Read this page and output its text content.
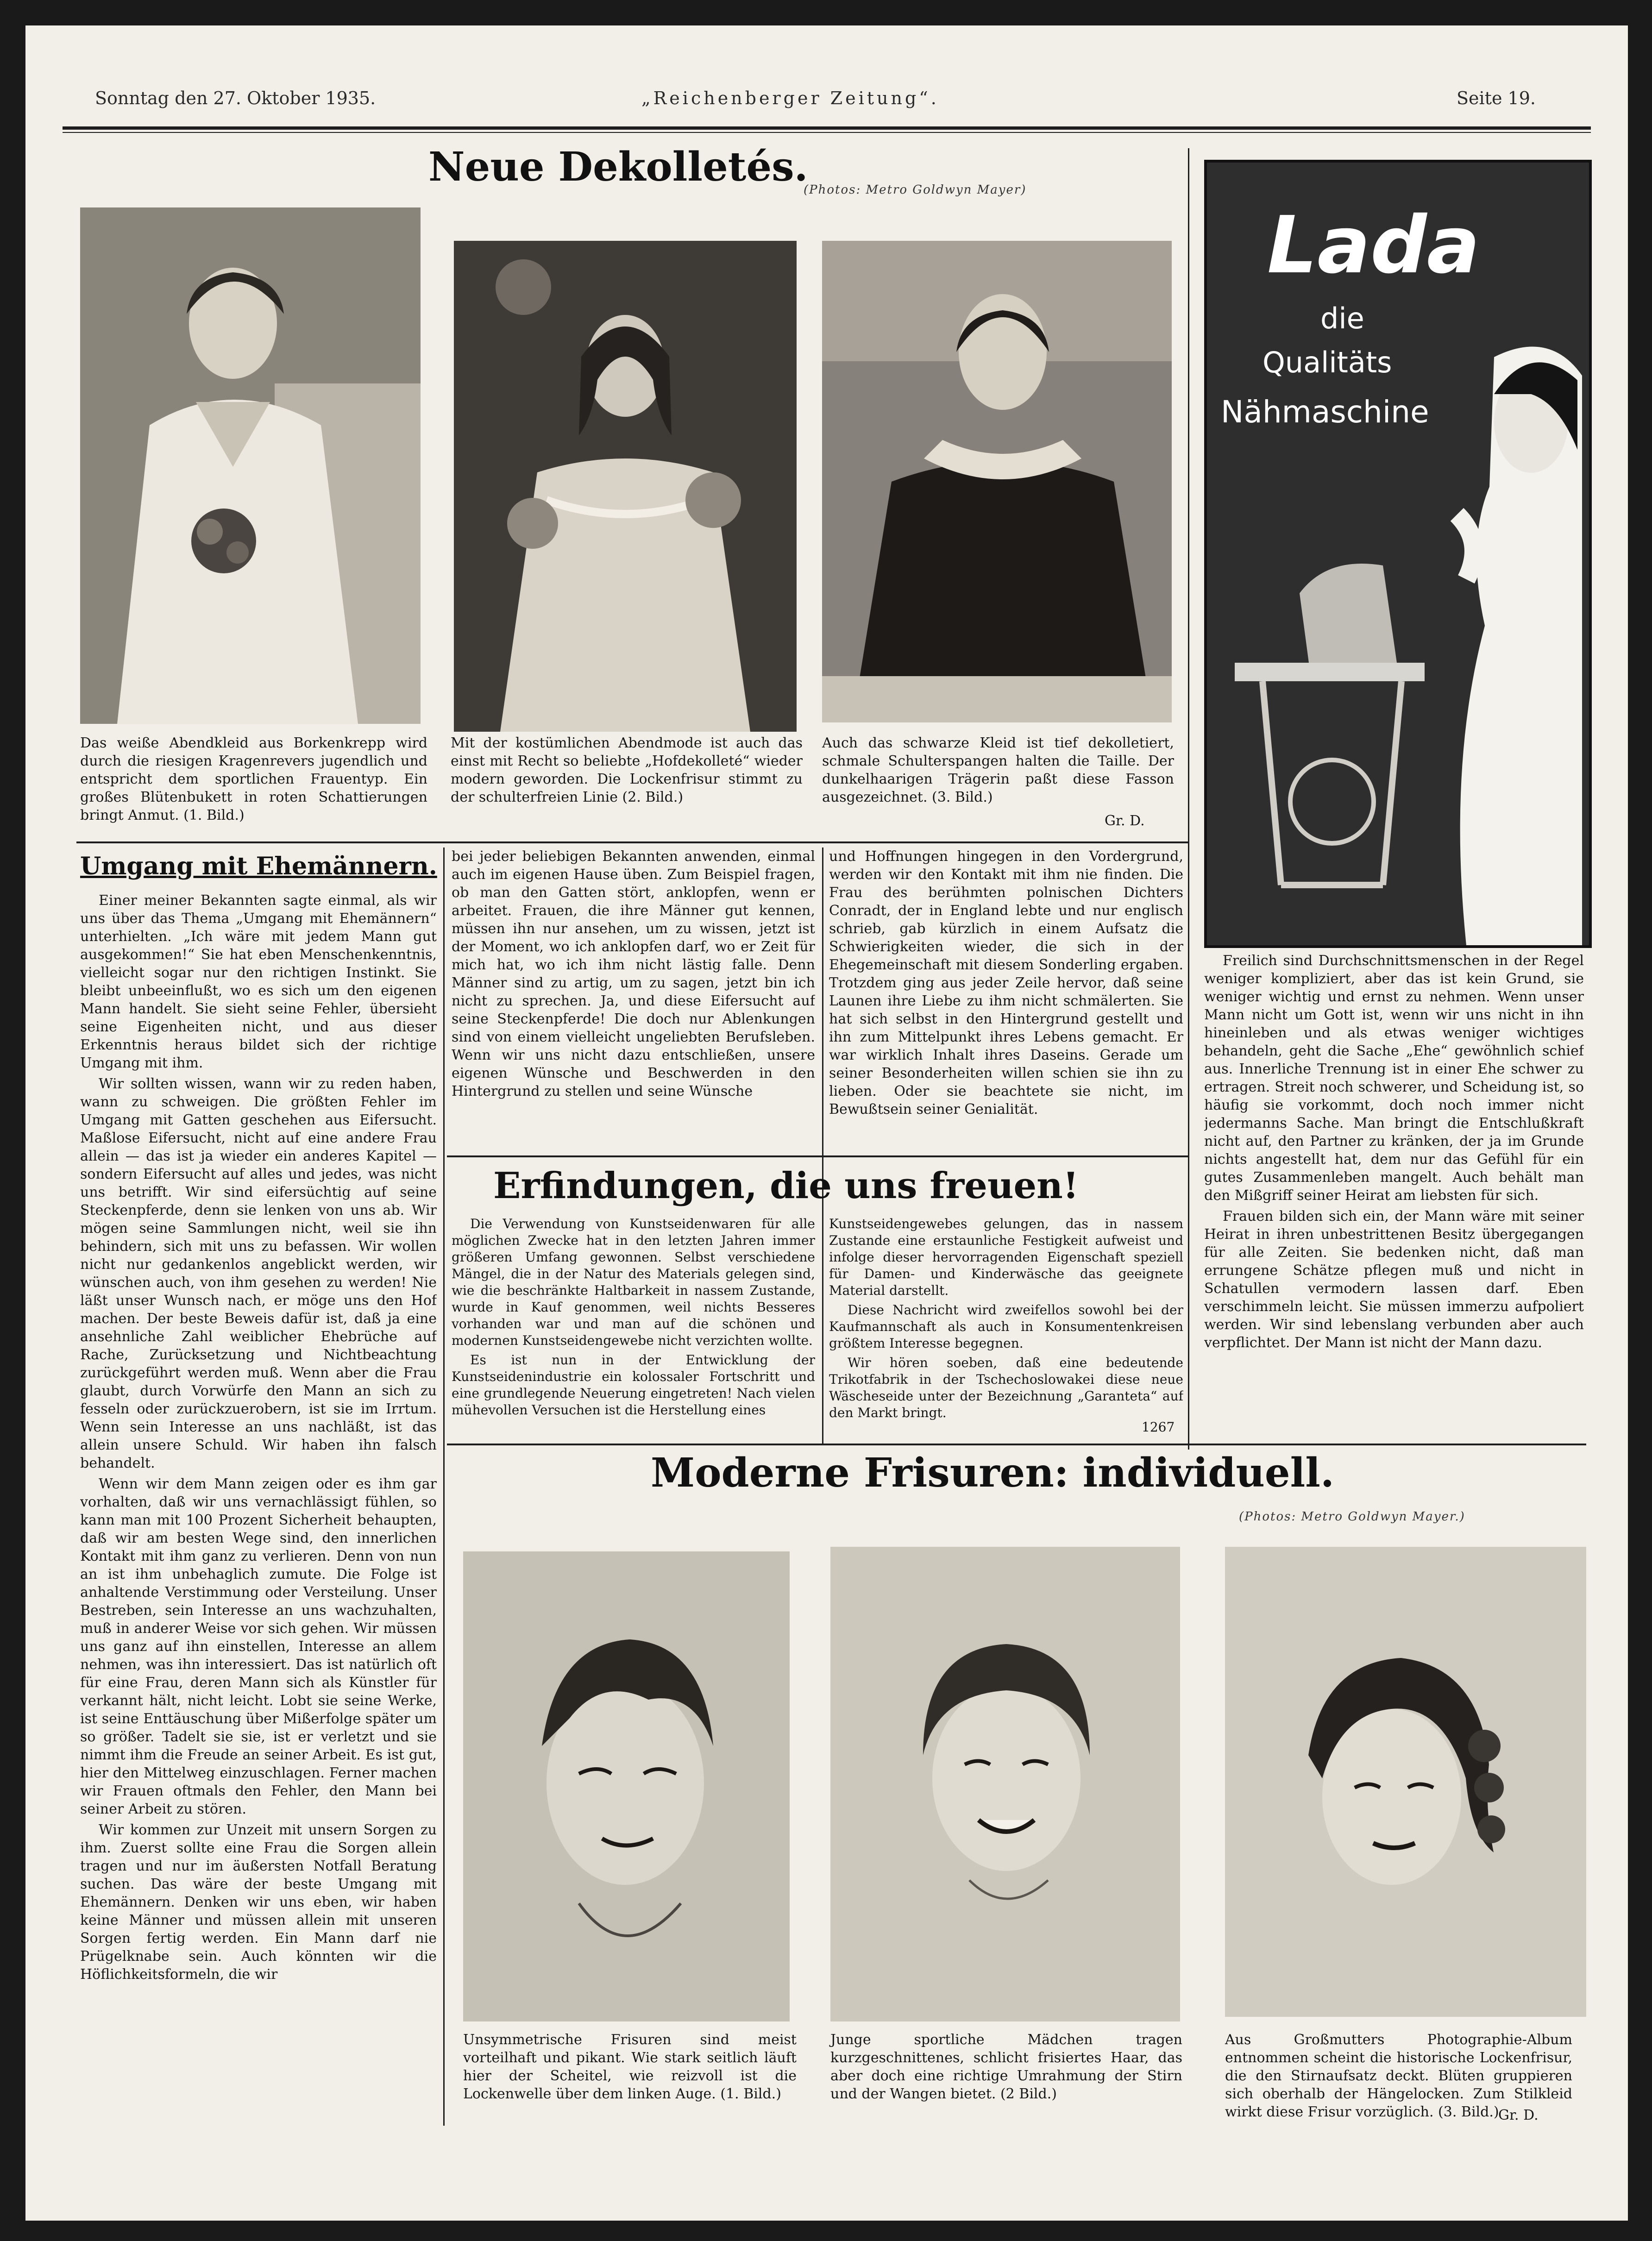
Sonntag den 27. Oktober 1935.	„Reichenberger Zeitung“.	Seite 19.
Neue Dekolletés.
(Photos: Metro Goldwyn Mayer)
Das weiße Abendkleid aus Borkenkrepp wird durch die riesigen Kragenrevers jugendlich und entspricht dem sportlichen Frauentyp. Ein großes Blütenbukett in roten Schattierungen bringt Anmut. (1. Bild.)
Mit der kostümlichen Abendmode ist auch das einst mit Recht so beliebte „Hofdekolleté“ wieder modern geworden. Die Lockenfrisur stimmt zu der schulterfreien Linie (2. Bild.)
Auch das schwarze Kleid ist tief dekolletiert, schmale Schulterspangen halten die Taille. Der dunkelhaarigen Trägerin paßt diese Fasson ausgezeichnet. (3. Bild.)
Gr. D.
Lada
die
Qualitäts
Nähmaschine
Umgang mit Ehemännern.

Einer meiner Bekannten sagte einmal, als wir uns über das Thema „Umgang mit Ehemännern“ unterhielten. „Ich wäre mit jedem Mann gut ausgekommen!“ Sie hat eben Menschenkenntnis, vielleicht sogar nur den richtigen Instinkt. Sie bleibt unbeeinflußt, wo es sich um den eigenen Mann handelt. Sie sieht seine Fehler, übersieht seine Eigenheiten nicht, und aus dieser Erkenntnis heraus bildet sich der richtige Umgang mit ihm.

Wir sollten wissen, wann wir zu reden haben, wann zu schweigen. Die größten Fehler im Umgang mit Gatten geschehen aus Eifersucht. Maßlose Eifersucht, nicht auf eine andere Frau allein — das ist ja wieder ein anderes Kapitel — sondern Eifersucht auf alles und jedes, was nicht uns betrifft. Wir sind eifersüchtig auf seine Steckenpferde, denn sie lenken von uns ab. Wir mögen seine Sammlungen nicht, weil sie ihn behindern, sich mit uns zu befassen. Wir wollen nicht nur gedankenlos angeblickt werden, wir wünschen auch, von ihm gesehen zu werden! Nie läßt unser Wunsch nach, er möge uns den Hof machen. Der beste Beweis dafür ist, daß ja eine ansehnliche Zahl weiblicher Ehebrüche auf Rache, Zurücksetzung und Nichtbeachtung zurückgeführt werden muß. Wenn aber die Frau glaubt, durch Vorwürfe den Mann an sich zu fesseln oder zurückzuerobern, ist sie im Irrtum. Wenn sein Interesse an uns nachläßt, ist das allein unsere Schuld. Wir haben ihn falsch behandelt.

Wenn wir dem Mann zeigen oder es ihm gar vorhalten, daß wir uns vernachlässigt fühlen, so kann man mit 100 Prozent Sicherheit behaupten, daß wir am besten Wege sind, den innerlichen Kontakt mit ihm ganz zu verlieren. Denn von nun an ist ihm unbehaglich zumute. Die Folge ist anhaltende Verstimmung oder Versteilung. Unser Bestreben, sein Interesse an uns wachzuhalten, muß in anderer Weise vor sich gehen. Wir müssen uns ganz auf ihn einstellen, Interesse an allem nehmen, was ihn interessiert. Das ist natürlich oft für eine Frau, deren Mann sich als Künstler für verkannt hält, nicht leicht. Lobt sie seine Werke, ist seine Enttäuschung über Mißerfolge später um so größer. Tadelt sie sie, ist er verletzt und sie nimmt ihm die Freude an seiner Arbeit. Es ist gut, hier den Mittelweg einzuschlagen. Ferner machen wir Frauen oftmals den Fehler, den Mann bei seiner Arbeit zu stören.

Wir kommen zur Unzeit mit unsern Sorgen zu ihm. Zuerst sollte eine Frau die Sorgen allein tragen und nur im äußersten Notfall Beratung suchen. Das wäre der beste Umgang mit Ehemännern. Denken wir uns eben, wir haben keine Männer und müssen allein mit unseren Sorgen fertig werden. Ein Mann darf nie Prügelknabe sein. Auch könnten wir die Höflichkeitsformeln, die wir

bei jeder beliebigen Bekannten anwenden, einmal auch im eigenen Hause üben. Zum Beispiel fragen, ob man den Gatten stört, anklopfen, wenn er arbeitet. Frauen, die ihre Männer gut kennen, müssen ihn nur ansehen, um zu wissen, jetzt ist der Moment, wo ich anklopfen darf, wo er Zeit für mich hat, wo ich ihm nicht lästig falle. Denn Männer sind zu artig, um zu sagen, jetzt bin ich nicht zu sprechen. Ja, und diese Eifersucht auf seine Steckenpferde! Die doch nur Ablenkungen sind von einem vielleicht ungeliebten Berufsleben. Wenn wir uns nicht dazu entschließen, unsere eigenen Wünsche und Beschwerden in den Hintergrund zu stellen und seine Wünsche

und Hoffnungen hingegen in den Vordergrund, werden wir den Kontakt mit ihm nie finden. Die Frau des berühmten polnischen Dichters Conradt, der in England lebte und nur englisch schrieb, gab kürzlich in einem Aufsatz die Schwierigkeiten wieder, die sich in der Ehegemeinschaft mit diesem Sonderling ergaben. Trotzdem ging aus jeder Zeile hervor, daß seine Launen ihre Liebe zu ihm nicht schmälerten. Sie hat sich selbst in den Hintergrund gestellt und ihn zum Mittelpunkt ihres Lebens gemacht. Er war wirklich Inhalt ihres Daseins. Gerade um seiner Besonderheiten willen schien sie ihn zu lieben. Oder sie beachtete sie nicht, im Bewußtsein seiner Genialität.

Freilich sind Durchschnittsmenschen in der Regel weniger kompliziert, aber das ist kein Grund, sie weniger wichtig und ernst zu nehmen. Wenn unser Mann nicht um Gott ist, wenn wir uns nicht in ihn hineinleben und als etwas weniger wichtiges behandeln, geht die Sache „Ehe“ gewöhnlich schief aus. Innerliche Trennung ist in einer Ehe schwer zu ertragen. Streit noch schwerer, und Scheidung ist, so häufig sie vorkommt, doch noch immer nicht jedermanns Sache. Man bringt die Entschlußkraft nicht auf, den Partner zu kränken, der ja im Grunde nichts angestellt hat, dem nur das Gefühl für ein gutes Zusammenleben mangelt. Auch behält man den Mißgriff seiner Heirat am liebsten für sich.

Frauen bilden sich ein, der Mann wäre mit seiner Heirat in ihren unbestrittenen Besitz übergegangen für alle Zeiten. Sie bedenken nicht, daß man errungene Schätze pflegen muß und nicht in Schatullen vermodern lassen darf. Eben verschimmeln leicht. Sie müssen immerzu aufpoliert werden. Wir sind lebenslang verbunden aber auch verpflichtet. Der Mann ist nicht der Mann dazu.

Erfindungen, die uns freuen!

Die Verwendung von Kunstseidenwaren für alle möglichen Zwecke hat in den letzten Jahren immer größeren Umfang gewonnen. Selbst verschiedene Mängel, die in der Natur des Materials gelegen sind, wie die beschränkte Haltbarkeit in nassem Zustande, wurde in Kauf genommen, weil nichts Besseres vorhanden war und man auf die schönen und modernen Kunstseidengewebe nicht verzichten wollte.

Es ist nun in der Entwicklung der Kunstseidenindustrie ein kolossaler Fortschritt und eine grundlegende Neuerung eingetreten! Nach vielen mühevollen Versuchen ist die Herstellung eines

Kunstseidengewebes gelungen, das in nassem Zustande eine erstaunliche Festigkeit aufweist und infolge dieser hervorragenden Eigenschaft speziell für Damen- und Kinderwäsche das geeignete Material darstellt.

Diese Nachricht wird zweifellos sowohl bei der Kaufmannschaft als auch in Konsumentenkreisen größtem Interesse begegnen.

Wir hören soeben, daß eine bedeutende Trikotfabrik in der Tschechoslowakei diese neue Wäscheseide unter der Bezeichnung „Garanteta“ auf den Markt bringt.

1267
Moderne Frisuren: individuell.
(Photos: Metro Goldwyn Mayer.)
Unsymmetrische Frisuren sind meist vorteilhaft und pikant. Wie stark seitlich läuft hier der Scheitel, wie reizvoll ist die Lockenwelle über dem linken Auge. (1. Bild.)
Junge sportliche Mädchen tragen kurzgeschnittenes, schlicht frisiertes Haar, das aber doch eine richtige Umrahmung der Stirn und der Wangen bietet. (2 Bild.)
Aus Großmutters Photographie-Album entnommen scheint die historische Lockenfrisur, die den Stirnaufsatz deckt. Blüten gruppieren sich oberhalb der Hängelocken. Zum Stilkleid wirkt diese Frisur vorzüglich. (3. Bild.)
Gr. D.
